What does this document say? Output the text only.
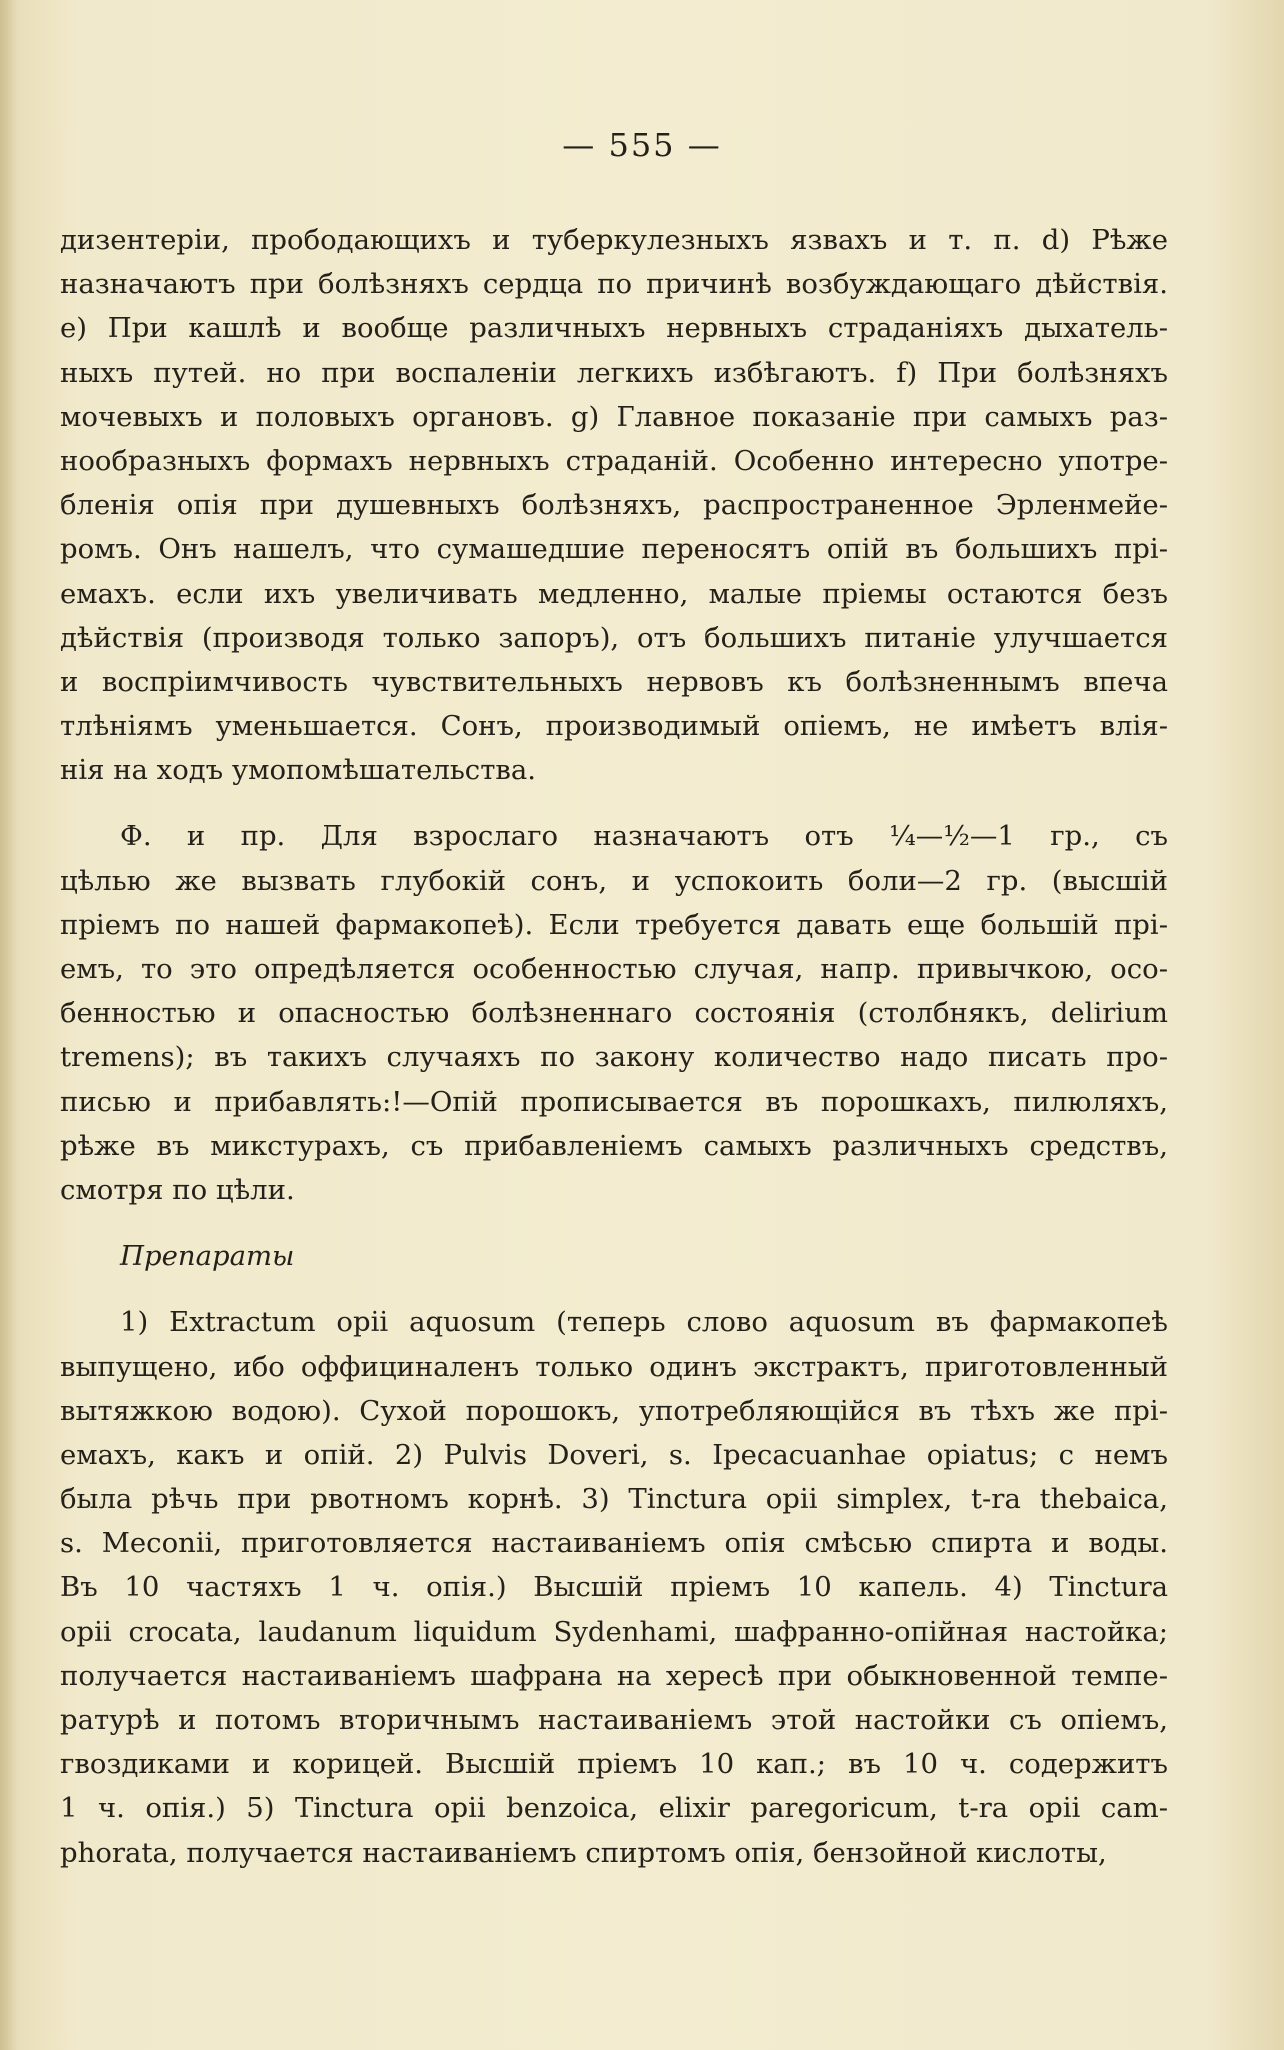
— 555 —
дизентеріи, прободающихъ и туберкулезныхъ язвахъ и т. п. d) Рѣже
назначаютъ при болѣзняхъ сердца по причинѣ возбуждающаго дѣйствія.
e) При кашлѣ и вообще различныхъ нервныхъ страданіяхъ дыхатель-
ныхъ путей. но при воспаленіи легкихъ избѣгаютъ. f) При болѣзняхъ
мочевыхъ и половыхъ органовъ. g) Главное показаніе при самыхъ раз-
нообразныхъ формахъ нервныхъ страданій. Особенно интересно употре-
бленія опія при душевныхъ болѣзняхъ, распространенное Эрленмейе-
ромъ. Онъ нашелъ, что сумашедшие переносятъ опій въ большихъ прі-
емахъ. если ихъ увеличивать медленно, малые пріемы остаются безъ
дѣйствія (производя только запоръ), отъ большихъ питаніе улучшается
и воспріимчивость чувствительныхъ нервовъ къ болѣзненнымъ впеча
тлѣніямъ уменьшается. Сонъ, производимый опіемъ, не имѣетъ влія-
нія на ходъ умопомѣшательства.
Ф. и пр. Для взрослаго назначаютъ отъ ¼—½—1 гр., съ
цѣлью же вызвать глубокій сонъ, и успокоить боли—2 гр. (высшій
пріемъ по нашей фармакопеѣ). Если требуется давать еще большій прі-
емъ, то это опредѣляется особенностью случая, напр. привычкою, осо-
бенностью и опасностью болѣзненнаго состоянія (столбнякъ, delirium
tremens); въ такихъ случаяхъ по закону количество надо писать про-
писью и прибавлять:!—Опій прописывается въ порошкахъ, пилюляхъ,
рѣже въ микстурахъ, съ прибавленіемъ самыхъ различныхъ средствъ,
смотря по цѣли.
Препараты
1) Extractum opii aquosum (теперь слово aquosum въ фармакопеѣ
выпущено, ибо оффициналенъ только одинъ экстрактъ, приготовленный
вытяжкою водою). Сухой порошокъ, употребляющійся въ тѣхъ же прі-
емахъ, какъ и опій. 2) Pulvis Doveri, s. Ipecacuanhae opiatus; с немъ
была рѣчь при рвотномъ корнѣ. 3) Tinctura opii simplex, t-ra thebaica,
s. Meconii, приготовляется настаиваніемъ опія смѣсью спирта и воды.
Въ 10 частяхъ 1 ч. опія.) Высшій пріемъ 10 капель. 4) Tinctura
opii crocata, laudanum liquidum Sydenhami, шафранно-опійная настойка;
получается настаиваніемъ шафрана на хересѣ при обыкновенной темпе-
ратурѣ и потомъ вторичнымъ настаиваніемъ этой настойки съ опіемъ,
гвоздиками и корицей. Высшій пріемъ 10 кап.; въ 10 ч. содержитъ
1 ч. опія.) 5) Tinctura opii benzoica, elixir paregoricum, t-ra opii cam-
phorata, получается настаиваніемъ спиртомъ опія, бензойной кислоты,
